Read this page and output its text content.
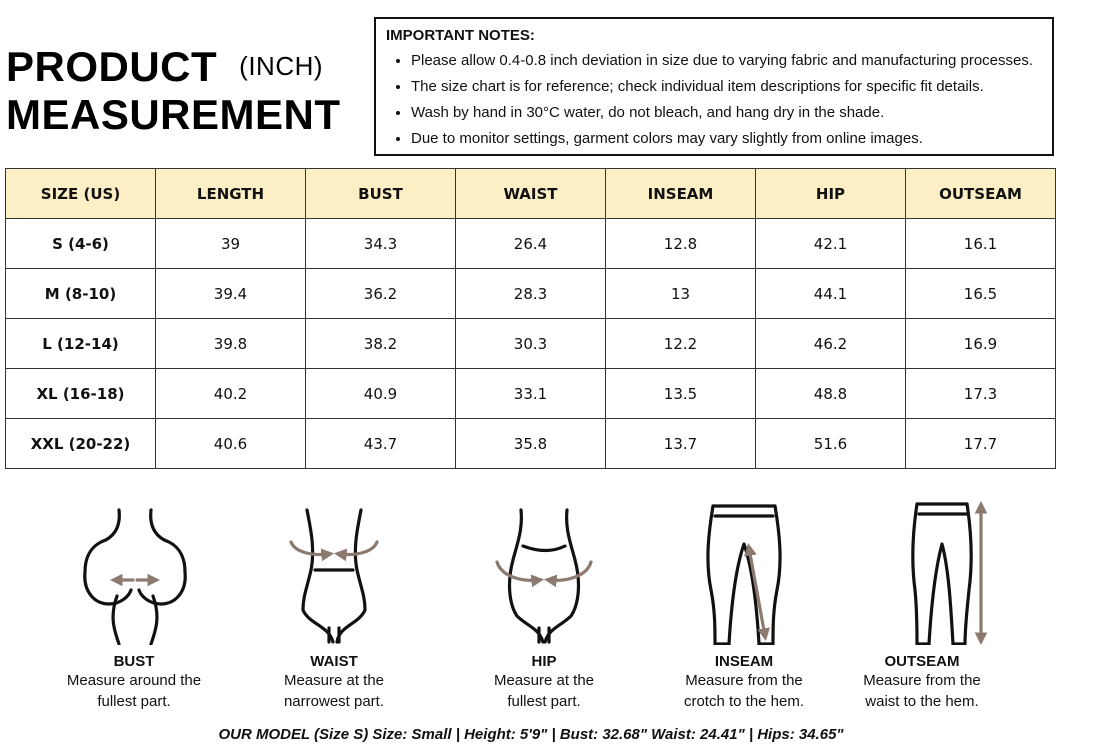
PRODUCT (INCH)
MEASUREMENT
IMPORTANT NOTES:
• Please allow 0.4-0.8 inch deviation in size due to varying fabric and manufacturing processes.
• The size chart is for reference; check individual item descriptions for specific fit details.
• Wash by hand in 30°C water, do not bleach, and hang dry in the shade.
• Due to monitor settings, garment colors may vary slightly from online images.
SIZE (US)	LENGTH	BUST	WAIST	INSEAM	HIP	OUTSEAM
S (4-6)	39	34.3	26.4	12.8	42.1	16.1
M (8-10)	39.4	36.2	28.3	13	44.1	16.5
L (12-14)	39.8	38.2	30.3	12.2	46.2	16.9
XL (16-18)	40.2	40.9	33.1	13.5	48.8	17.3
XXL (20-22)	40.6	43.7	35.8	13.7	51.6	17.7
BUST
Measure around the
fullest part.
WAIST
Measure at the
narrowest part.
HIP
Measure at the
fullest part.
INSEAM
Measure from the
crotch to the hem.
OUTSEAM
Measure from the
waist to the hem.
OUR MODEL (Size S) Size: Small | Height: 5'9" | Bust: 32.68" Waist: 24.41" | Hips: 34.65"
